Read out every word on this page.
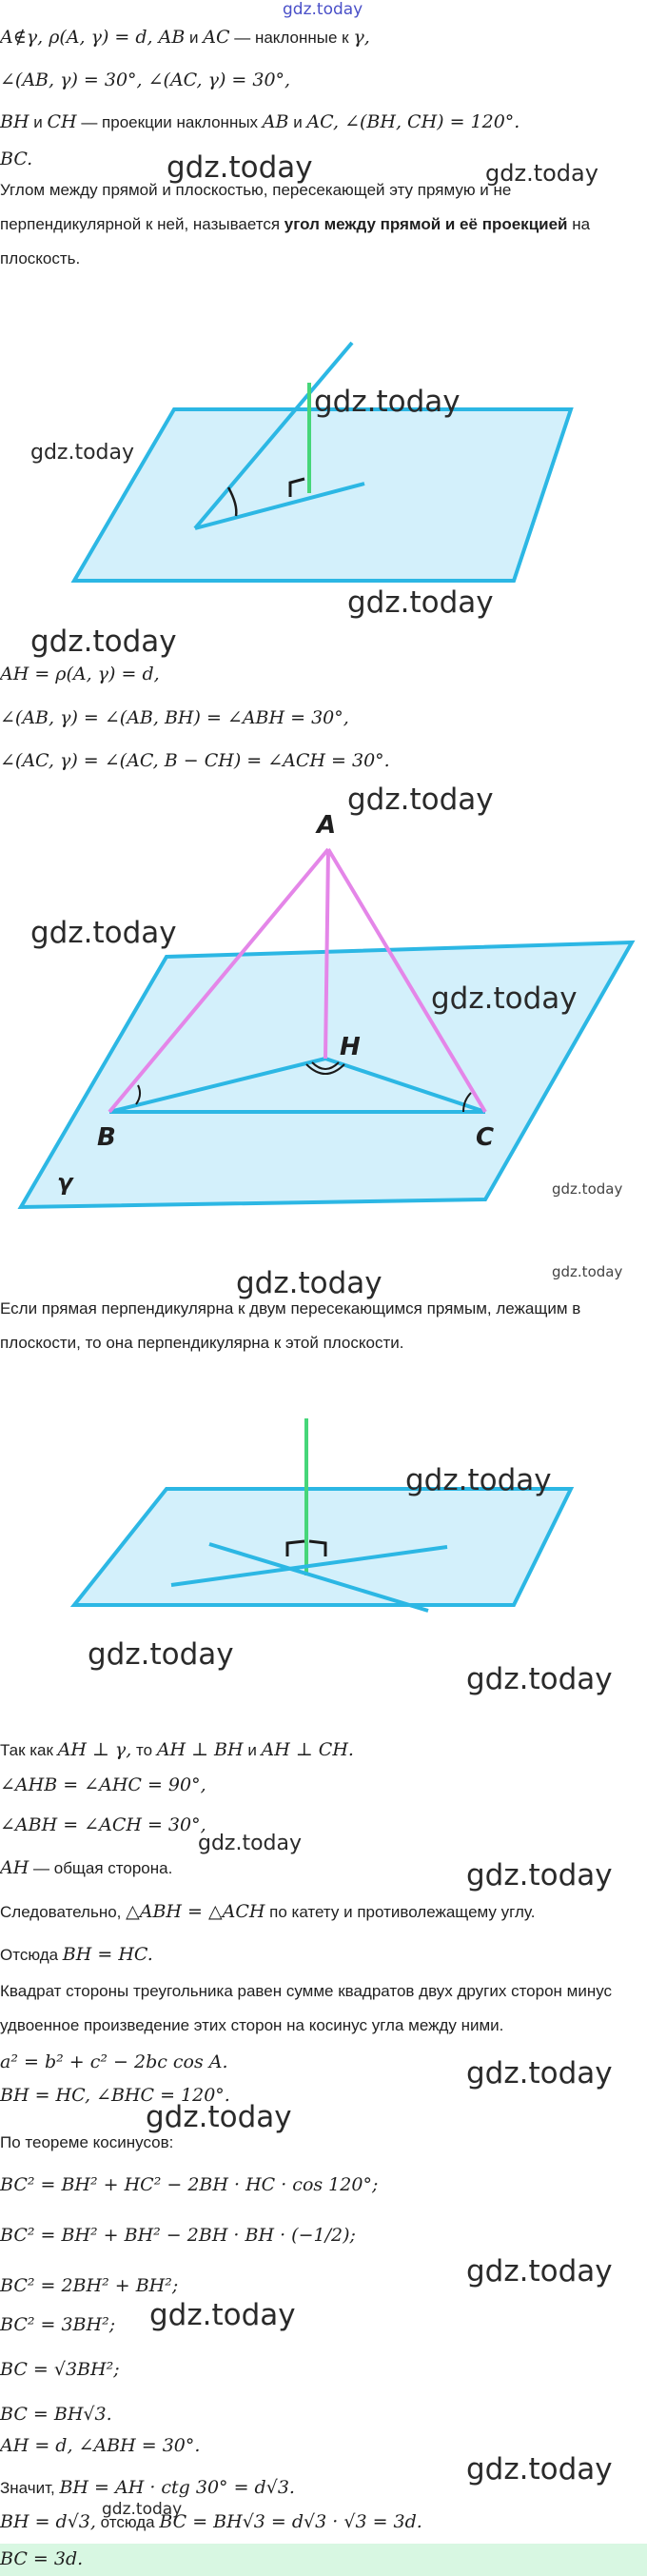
gdz.today
A∉γ, ρ(A, γ) = d, AB и AC — наклонные к γ,
∠(AB, γ) = 30°, ∠(AC, γ) = 30°,
BH и CH — проекции наклонных AB и AC, ∠(BH, CH) = 120°.
BC.	gdz.today	gdz.today
Углом между прямой и плоскостью, пересекающей эту прямую и не перпендикулярной к ней, называется угол между прямой и её проекцией на плоскость.
gdz.today
gdz.today
gdz.today
gdz.today
AH = ρ(A, γ) = d,
∠(AB, γ) = ∠(AB, BH) = ∠ABH = 30°,
∠(AC, γ) = ∠(AC, B − CH) = ∠ACH = 30°.
gdz.today
A
H
B	C
γ
gdz.today
gdz.today
gdz.today
gdz.today	gdz.today
Если прямая перпендикулярна к двум пересекающимся прямым, лежащим в плоскости, то она перпендикулярна к этой плоскости.
gdz.today
gdz.today
gdz.today
Так как AH ⊥ γ, то AH ⊥ BH и AH ⊥ CH.
∠AHB = ∠AHC = 90°,
∠ABH = ∠ACH = 30°,
gdz.today
AH — общая сторона.	gdz.today
Следовательно, △ABH = △ACH по катету и противолежащему углу.
Отсюда BH = HC.
Квадрат стороны треугольника равен сумме квадратов двух других сторон минус удвоенное произведение этих сторон на косинус угла между ними.
a² = b² + c² − 2bc cos A.	gdz.today
BH = HC, ∠BHC = 120°.
gdz.today
По теореме косинусов:
BC² = BH² + HC² − 2BH · HC · cos 120°;
BC² = BH² + BH² − 2BH · BH · (−1/2);
gdz.today
BC² = 2BH² + BH²;
gdz.today
BC² = 3BH²;
BC = √3BH²;
BC = BH√3.
AH = d, ∠ABH = 30°.
gdz.today
Значит, BH = AH · ctg 30° = d√3.
gdz.today
BH = d√3, отсюда BC = BH√3 = d√3 · √3 = 3d.
BC = 3d.
